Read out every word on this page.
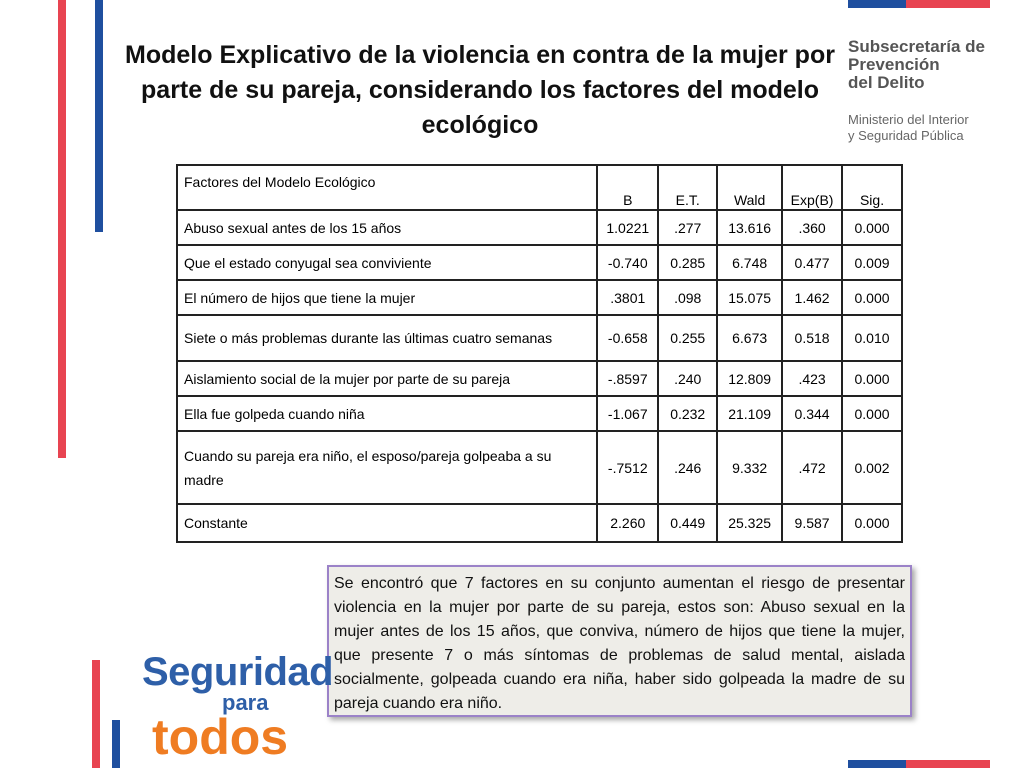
Modelo Explicativo de la violencia en contra de la mujer por parte de su pareja, considerando los factores del modelo ecológico
Subsecretaría de
Prevención
del Delito
Ministerio del Interior
y Seguridad Pública
Factores del Modelo Ecológico	B	E.T.	Wald	Exp(B)	Sig.
Abuso sexual antes de los 15 años	1.0221	.277	13.616	.360	0.000
Que el estado conyugal sea conviviente	-0.740	0.285	6.748	0.477	0.009
El número de hijos que tiene la mujer	.3801	.098	15.075	1.462	0.000
Siete o más problemas durante las últimas cuatro semanas	-0.658	0.255	6.673	0.518	0.010
Aislamiento social de la mujer por parte de su pareja	-.8597	.240	12.809	.423	0.000
Ella fue golpeda cuando niña	-1.067	0.232	21.109	0.344	0.000
Cuando su pareja era niño, el esposo/pareja golpeaba a su madre	-.7512	.246	9.332	.472	0.002
Constante	2.260	0.449	25.325	9.587	0.000
Se encontró que 7 factores en su conjunto aumentan el riesgo de presentar violencia en la mujer por parte de su pareja, estos son: Abuso sexual en la mujer antes de los 15 años, que conviva, número de hijos que tiene la mujer, que presente 7 o más síntomas de problemas de salud mental, aislada socialmente, golpeada cuando era niña, haber sido golpeada la madre de su pareja cuando era niño.
Seguridad
para
todos
